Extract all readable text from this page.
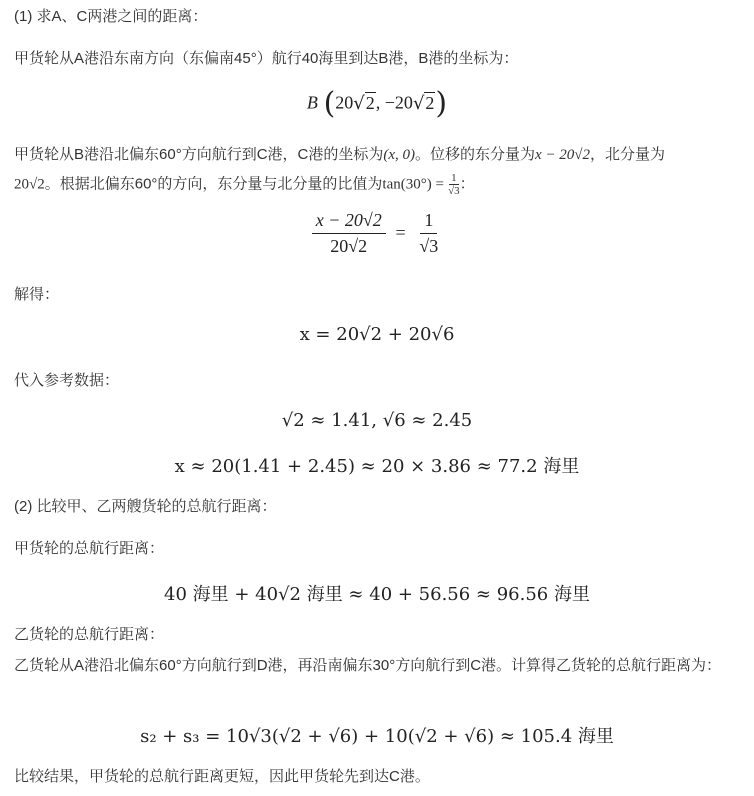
(1) 求A、C两港之间的距离：
甲货轮从A港沿东南方向（东偏南45°）航行40海里到达B港，B港的坐标为：
B (20√2, −20√2)
甲货轮从B港沿北偏东60°方向航行到C港，C港的坐标为(x, 0)。位移的东分量为x − 20√2，北分量为
20√2。根据北偏东60°的方向，东分量与北分量的比值为$\tan(30^\circ) = \frac{1}{√3}$ ：
$\frac{x - 20√2}{20√2} = \frac{1}{√3}$
解得：
x = 20√2 + 20√6
代入参考数据：
√2 ≈ 1.41, √6 ≈ 2.45
x ≈ 20(1.41 + 2.45) ≈ 20 × 3.86 ≈ 77.2 海里
(2) 比较甲、乙两艘货轮的总航行距离：
甲货轮的总航行距离：
40 海里 + 40√2 海里 ≈ 40 + 56.56 ≈ 96.56 海里
乙货轮的总航行距离：
乙货轮从A港沿北偏东60°方向航行到D港，再沿南偏东30°方向航行到C港。计算得乙货轮的总航行距离为：
s₂ + s₃ = 10√3(√2 + √6) + 10(√2 + √6) ≈ 105.4 海里
比较结果，甲货轮的总航行距离更短，因此甲货轮先到达C港。
